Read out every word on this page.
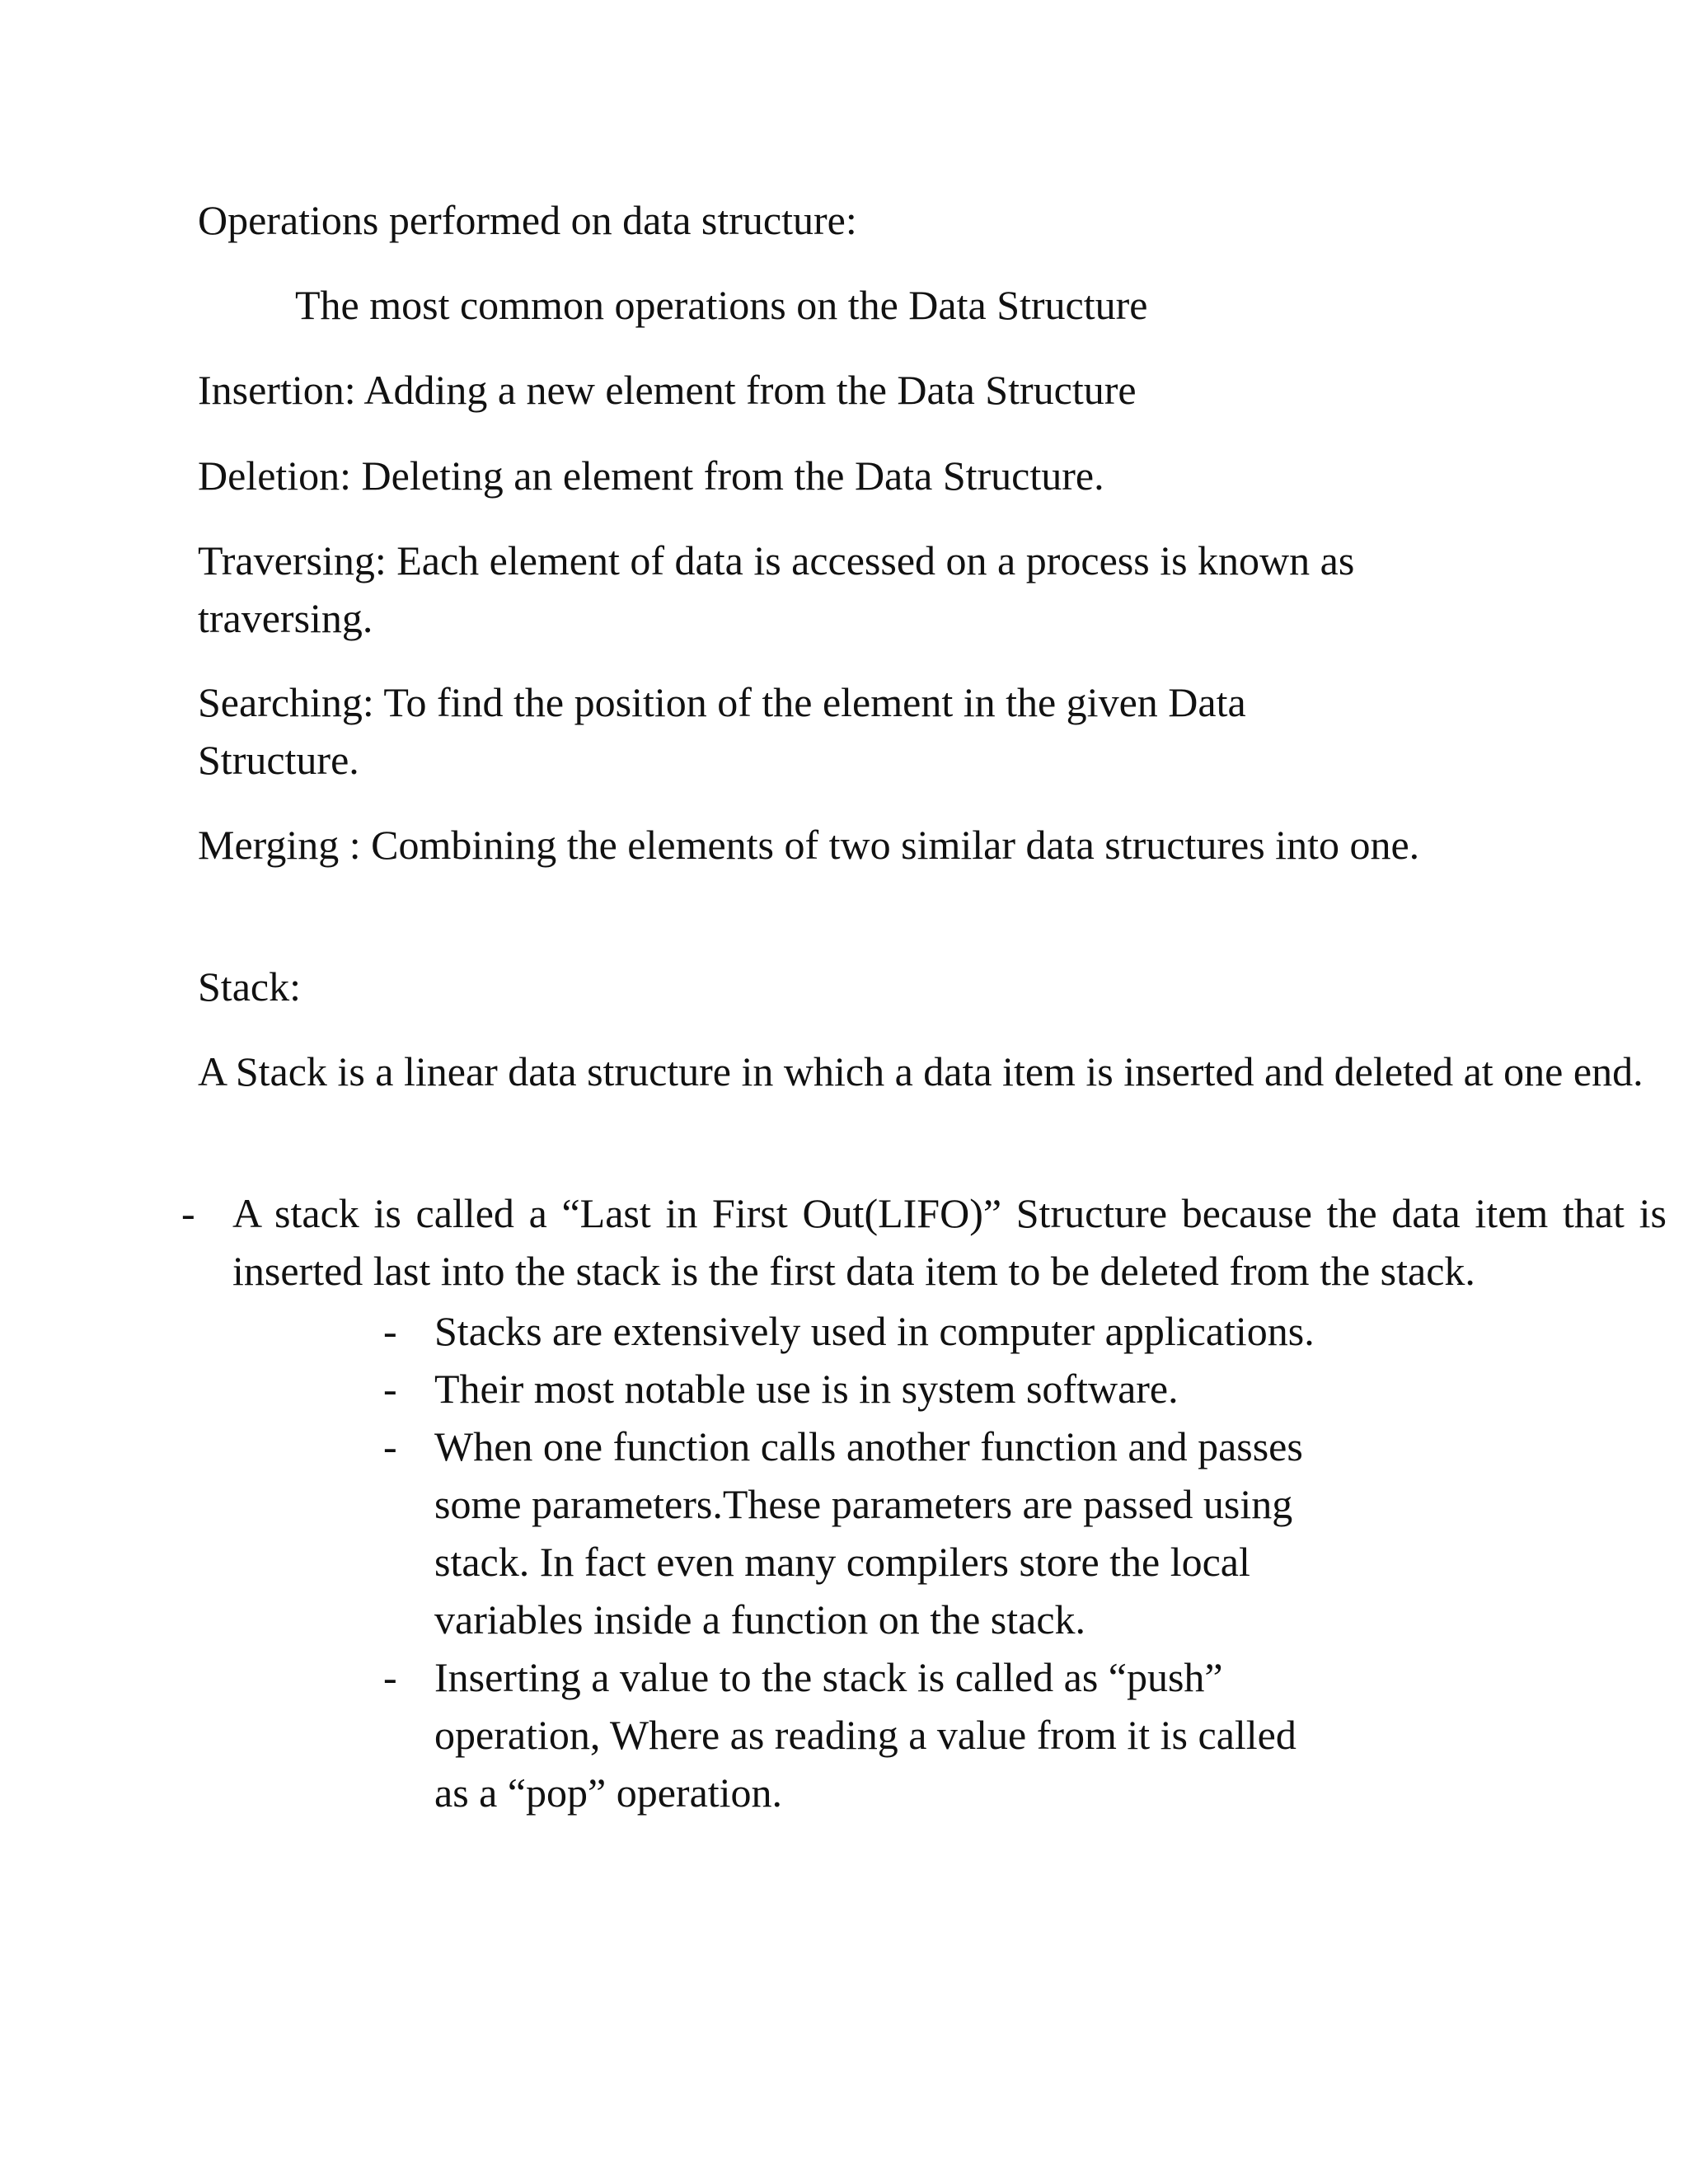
Operations performed on data structure:

The most common operations on the Data Structure

Insertion: Adding a new element from the Data Structure

Deletion: Deleting an element from the Data Structure.

Traversing: Each element of data is accessed on a process is known as traversing.

Searching: To find the position of the element in the given Data Structure.

Merging : Combining the elements of two similar data structures into one.

Stack:

A Stack is a linear data structure in which a data item is inserted and deleted at one end.

- A stack is called a “Last in First Out(LIFO)” Structure because the data item that is inserted last into the stack is the first data item to be deleted from the stack.
- Stacks are extensively used in computer applications.
- Their most notable use is in system software.
- When one function calls another function and passes some parameters.These parameters are passed using stack. In fact even many compilers store the local variables inside a function on the stack.
- Inserting a value to the stack is called as “push” operation, Where as reading a value from it is called as a “pop” operation.
